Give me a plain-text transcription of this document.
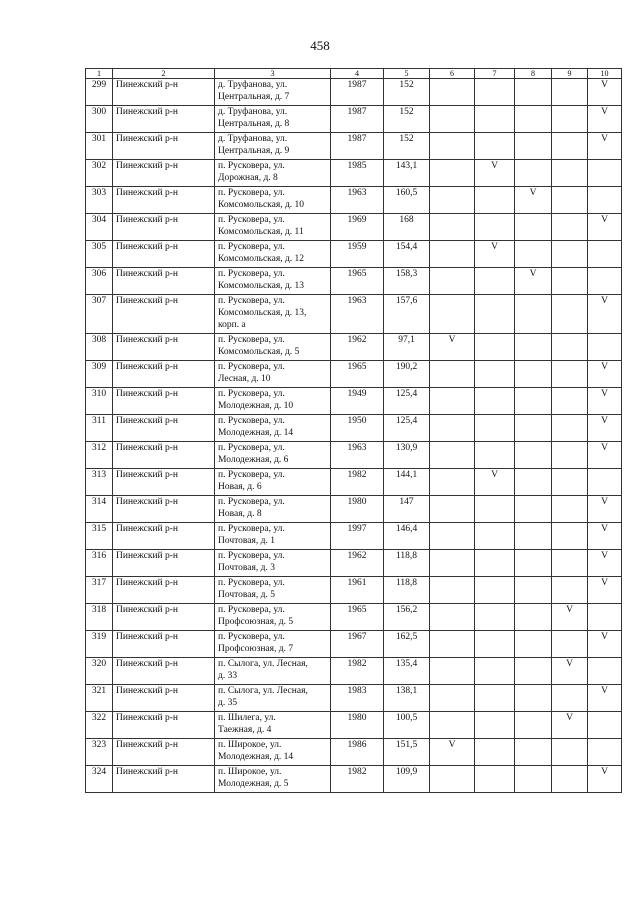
458
1	2	3	4	5	6	7	8	9	10
299	Пинежский р-н	д. Труфанова, ул.
Центральная, д. 7	1987	152					V
300	Пинежский р-н	д. Труфанова, ул.
Центральная, д. 8	1987	152					V
301	Пинежский р-н	д. Труфанова, ул.
Центральная, д. 9	1987	152					V
302	Пинежский р-н	п. Русковера, ул.
Дорожная, д. 8	1985	143,1		V			
303	Пинежский р-н	п. Русковера, ул.
Комсомольская, д. 10	1963	160,5			V		
304	Пинежский р-н	п. Русковера, ул.
Комсомольская, д. 11	1969	168					V
305	Пинежский р-н	п. Русковера, ул.
Комсомольская, д. 12	1959	154,4		V			
306	Пинежский р-н	п. Русковера, ул.
Комсомольская, д. 13	1965	158,3			V		
307	Пинежский р-н	п. Русковера, ул.
Комсомольская, д. 13,
корп. а	1963	157,6					V
308	Пинежский р-н	п. Русковера, ул.
Комсомольская, д. 5	1962	97,1	V				
309	Пинежский р-н	п. Русковера, ул.
Лесная, д. 10	1965	190,2					V
310	Пинежский р-н	п. Русковера, ул.
Молодежная, д. 10	1949	125,4					V
311	Пинежский р-н	п. Русковера, ул.
Молодежная, д. 14	1950	125,4					V
312	Пинежский р-н	п. Русковера, ул.
Молодежная, д. 6	1963	130,9					V
313	Пинежский р-н	п. Русковера, ул.
Новая, д. 6	1982	144,1		V			
314	Пинежский р-н	п. Русковера, ул.
Новая, д. 8	1980	147					V
315	Пинежский р-н	п. Русковера, ул.
Почтовая, д. 1	1997	146,4					V
316	Пинежский р-н	п. Русковера, ул.
Почтовая, д. 3	1962	118,8					V
317	Пинежский р-н	п. Русковера, ул.
Почтовая, д. 5	1961	118,8					V
318	Пинежский р-н	п. Русковера, ул.
Профсоюзная, д. 5	1965	156,2				V	
319	Пинежский р-н	п. Русковера, ул.
Профсоюзная, д. 7	1967	162,5					V
320	Пинежский р-н	п. Сылога, ул. Лесная,
д. 33	1982	135,4				V	
321	Пинежский р-н	п. Сылога, ул. Лесная,
д. 35	1983	138,1					V
322	Пинежский р-н	п. Шилега, ул.
Таежная, д. 4	1980	100,5				V	
323	Пинежский р-н	п. Широкое, ул.
Молодежная, д. 14	1986	151,5	V				
324	Пинежский р-н	п. Широкое, ул.
Молодежная, д. 5	1982	109,9					V
